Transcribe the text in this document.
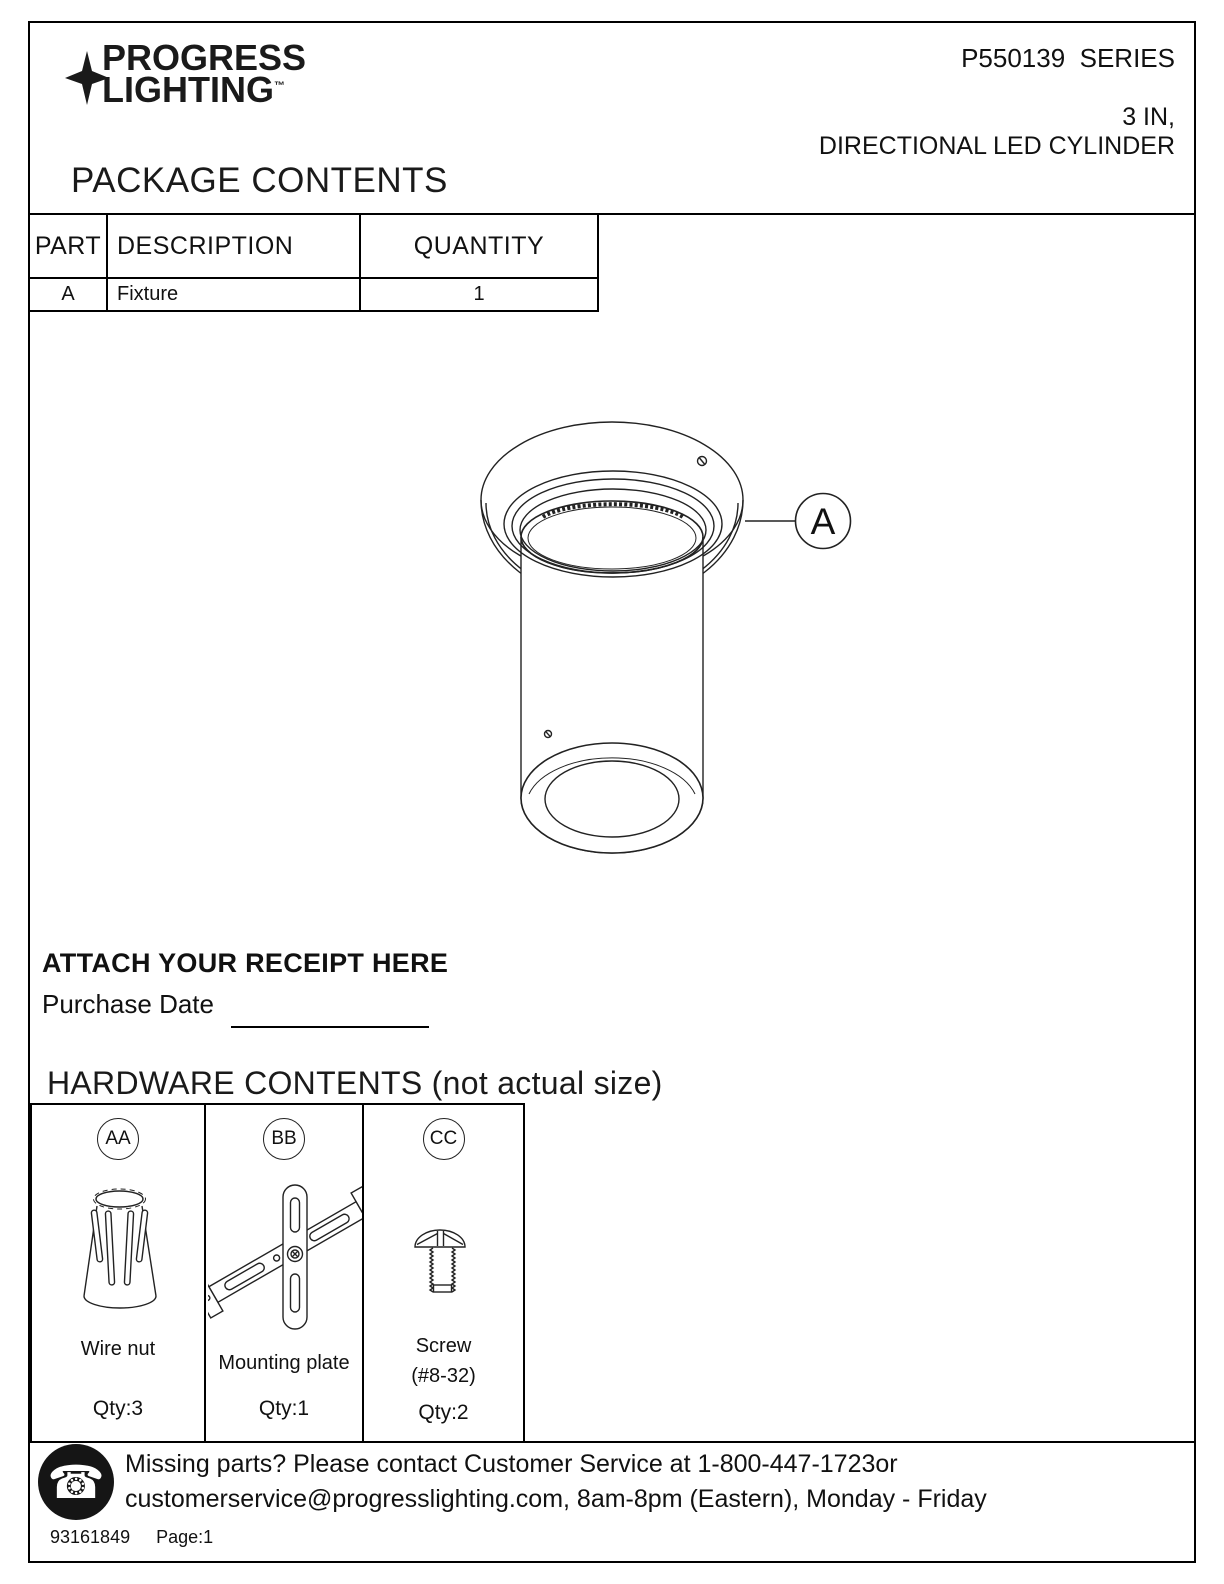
PROGRESS
LIGHTING™
P550139  SERIES
3 IN,
DIRECTIONAL LED CYLINDER
PACKAGE CONTENTS
PART DESCRIPTION	QUANTITY
A	Fixture	1
A
ATTACH YOUR RECEIPT HERE
Purchase Date
HARDWARE CONTENTS (not actual size)
AA
Wire nut
Qty:3
BB
Mounting plate
Qty:1
CC
Screw
(#8-32)
Qty:2
☎ Missing parts? Please contact Customer Service at 1-800-447-1723or
customerservice@progresslighting.com, 8am-8pm (Eastern), Monday - Friday
93161849 Page:1
